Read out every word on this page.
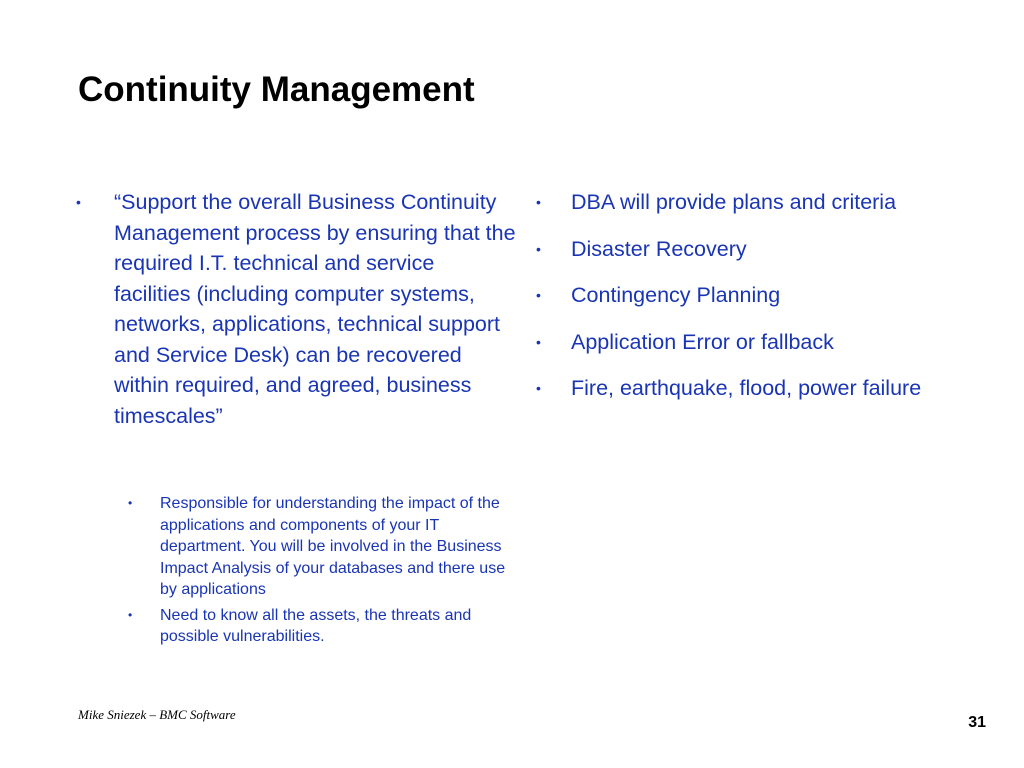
Continuity Management
•	“Support the overall Business Continuity Management process by ensuring that the required I.T. technical and service facilities (including computer systems, networks, applications, technical support and Service Desk) can be recovered within required, and agreed, business timescales”
•	Responsible for understanding the impact of the applications and components of your IT department. You will be involved in the Business Impact Analysis of your databases and there use by applications
•	Need to know all the assets, the threats and possible vulnerabilities.
•	DBA will provide plans and criteria
•	Disaster Recovery
•	Contingency Planning
•	Application Error or fallback
•	Fire, earthquake, flood, power failure
Mike Sniezek – BMC Software	31
